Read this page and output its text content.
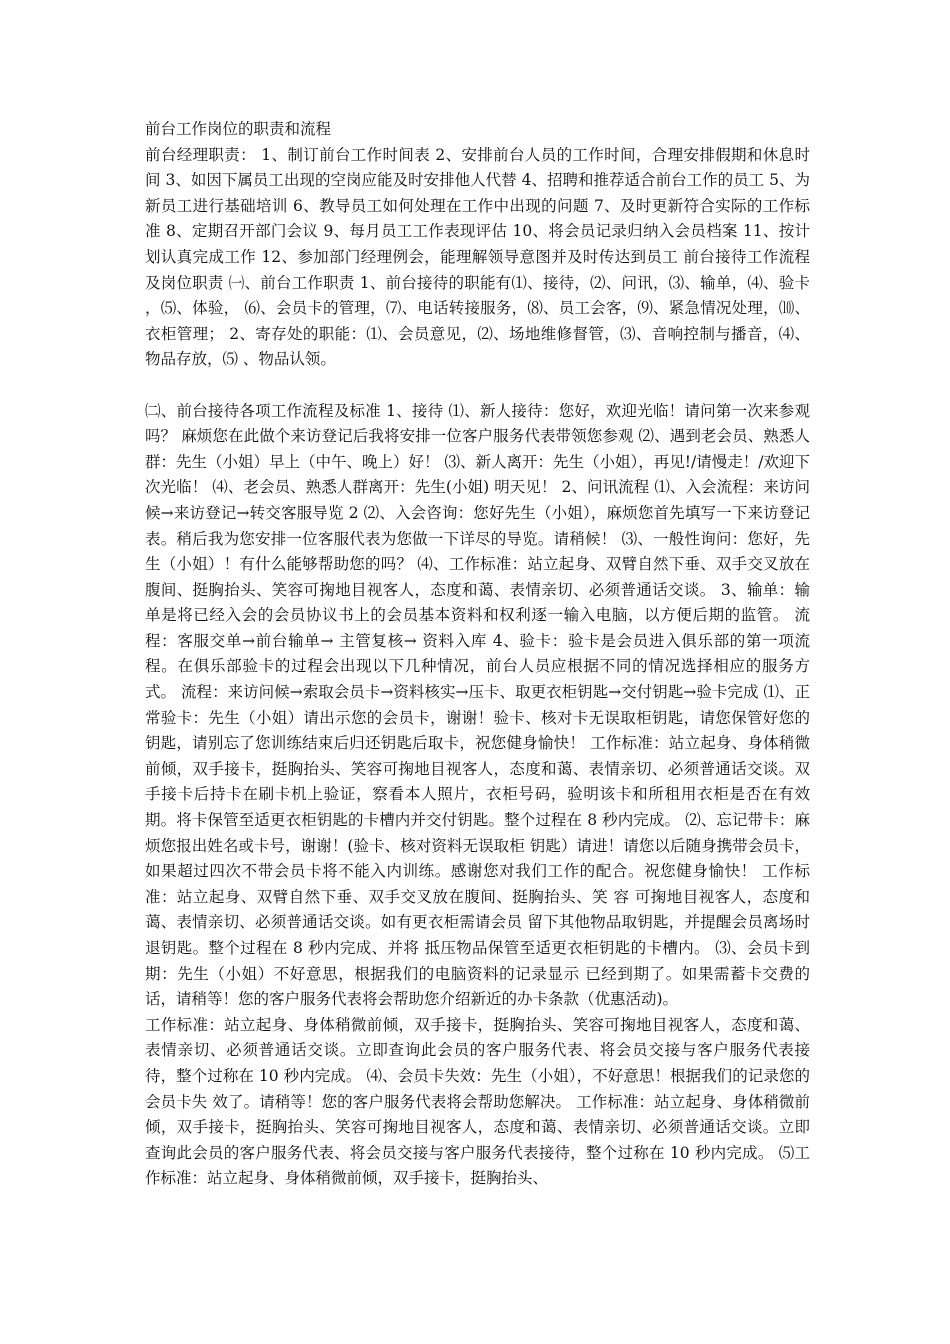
前台工作岗位的职责和流程

前台经理职责： 1、制订前台工作时间表 2、安排前台人员的工作时间，合理安排假期和休息时间 3、如因下属员工出现的空岗应能及时安排他人代替 4、招聘和推荐适合前台工作的员工 5、为新员工进行基础培训 6、教导员工如何处理在工作中出现的问题 7、及时更新符合实际的工作标准 8、定期召开部门会议 9、每月员工工作表现评估 10、将会员记录归纳入会员档案 11、按计划认真完成工作 12、参加部门经理例会，能理解领导意图并及时传达到员工 前台接待工作流程及岗位职责 ㈠、前台工作职责 1、前台接待的职能有⑴、接待，⑵、问讯，⑶、输单，⑷、验卡 ，⑸、体验， ⑹、会员卡的管理，⑺、电话转接服务，⑻、员工会客，⑼、紧急情况处理，⑽、衣柜管理； 2、寄存处的职能：⑴、会员意见，⑵、场地维修督管，⑶、音响控制与播音，⑷、物品存放，⑸ 、物品认领。

㈡、前台接待各项工作流程及标准 1、接待 ⑴、新人接待：您好，欢迎光临！请问第一次来参观吗？ 麻烦您在此做个来访登记后我将安排一位客户服务代表带领您参观 ⑵、遇到老会员、熟悉人群：先生（小姐）早上（中午、晚上）好！ ⑶、新人离开：先生（小姐），再见!/请慢走！/欢迎下次光临！ ⑷、老会员、熟悉人群离开：先生(小姐) 明天见！ 2、问讯流程 ⑴、入会流程：来访问候→来访登记→转交客服导览 2 ⑵、入会咨询：您好先生（小姐），麻烦您首先填写一下来访登记表。稍后我为您安排一位客服代表为您做一下详尽的导览。请稍候！ ⑶、一般性询问：您好，先生（小姐）！有什么能够帮助您的吗？ ⑷、工作标准：站立起身、双臂自然下垂、双手交叉放在腹间、挺胸抬头、笑容可掬地目视客人，态度和蔼、表情亲切、必须普通话交谈。 3、输单：输单是将已经入会的会员协议书上的会员基本资料和权利逐一输入电脑，以方便后期的监管。 流程：客服交单→前台输单→ 主管复核→ 资料入库 4、验卡：验卡是会员进入俱乐部的第一项流程。在俱乐部验卡的过程会出现以下几种情况，前台人员应根据不同的情况选择相应的服务方式。 流程：来访问候→索取会员卡→资料核实→压卡、取更衣柜钥匙→交付钥匙→验卡完成 ⑴、正常验卡：先生（小姐）请出示您的会员卡，谢谢！验卡、核对卡无误取柜钥匙，请您保管好您的钥匙，请别忘了您训练结束后归还钥匙后取卡，祝您健身愉快！ 工作标准：站立起身、身体稍微前倾，双手接卡，挺胸抬头、笑容可掬地目视客人，态度和蔼、表情亲切、必须普通话交谈。双手接卡后持卡在刷卡机上验证，察看本人照片，衣柜号码，验明该卡和所租用衣柜是否在有效期。将卡保管至适更衣柜钥匙的卡槽内并交付钥匙。整个过程在 8 秒内完成。 ⑵、忘记带卡：麻烦您报出姓名或卡号，谢谢！(验卡、核对资料无误取柜 钥匙）请进！请您以后随身携带会员卡，如果超过四次不带会员卡将不能入内训练。感谢您对我们工作的配合。祝您健身愉快！ 工作标准：站立起身、双臂自然下垂、双手交叉放在腹间、挺胸抬头、笑 容 可掬地目视客人，态度和蔼、表情亲切、必须普通话交谈。如有更衣柜需请会员 留下其他物品取钥匙，并提醒会员离场时退钥匙。整个过程在 8 秒内完成、并将 抵压物品保管至适更衣柜钥匙的卡槽内。 ⑶、会员卡到期：先生（小姐）不好意思，根据我们的电脑资料的记录显示 已经到期了。如果需蓄卡交费的话，请稍等！您的客户服务代表将会帮助您介绍新近的办卡条款（优惠活动)。

工作标准：站立起身、身体稍微前倾，双手接卡，挺胸抬头、笑容可掬地目视客人，态度和蔼、表情亲切、必须普通话交谈。立即查询此会员的客户服务代表、将会员交接与客户服务代表接待，整个过称在 10 秒内完成。 ⑷、会员卡失效：先生（小姐），不好意思！根据我们的记录您的会员卡失 效了。请稍等！您的客户服务代表将会帮助您解决。 工作标准：站立起身、身体稍微前倾，双手接卡，挺胸抬头、笑容可掬地目视客人，态度和蔼、表情亲切、必须普通话交谈。立即查询此会员的客户服务代表、将会员交接与客户服务代表接待，整个过称在 10 秒内完成。 ⑸工作标准：站立起身、身体稍微前倾，双手接卡，挺胸抬头、
